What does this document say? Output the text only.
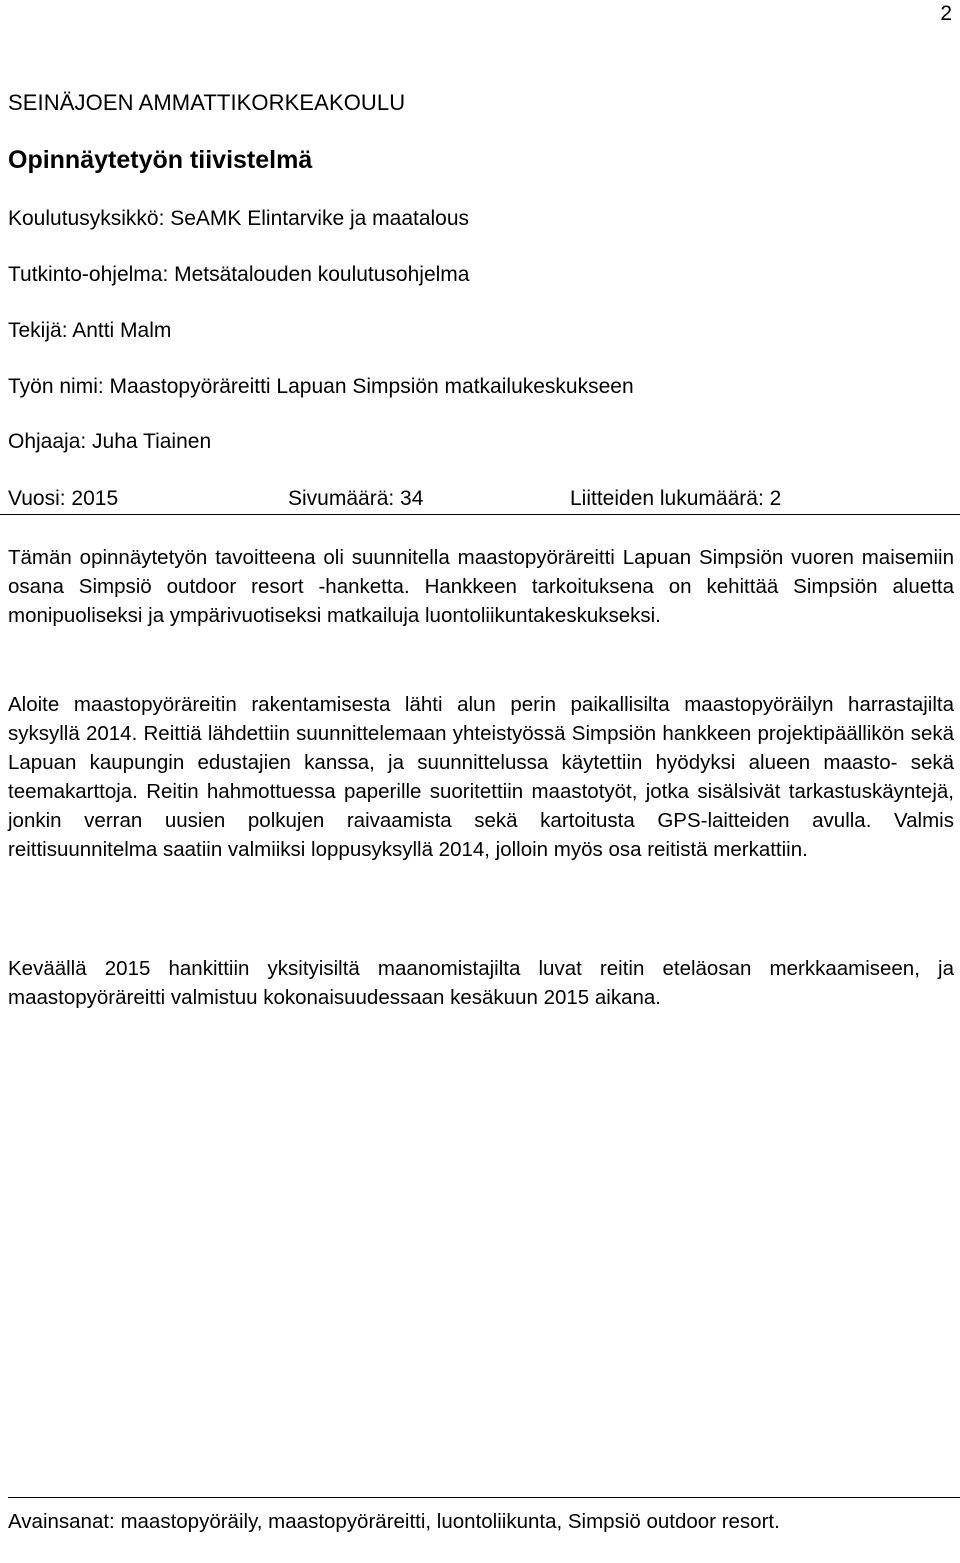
2
SEINÄJOEN AMMATTIKORKEAKOULU
Opinnäytetyön tiivistelmä
Koulutusyksikkö: SeAMK Elintarvike ja maatalous
Tutkinto-ohjelma: Metsätalouden koulutusohjelma
Tekijä: Antti Malm
Työn nimi: Maastopyöräreitti Lapuan Simpsiön matkailukeskukseen
Ohjaaja: Juha Tiainen
Vuosi: 2015	Sivumäärä: 34	Liitteiden lukumäärä: 2

Tämän opinnäytetyön tavoitteena oli suunnitella maastopyöräreitti Lapuan Simpsiön vuoren maisemiin osana Simpsiö outdoor resort -hanketta. Hankkeen tarkoituksena on kehittää Simpsiön aluetta monipuoliseksi ja ympärivuotiseksi matkailuja luontoliikuntakeskukseksi.

Aloite maastopyöräreitin rakentamisesta lähti alun perin paikallisilta maastopyöräilyn harrastajilta syksyllä 2014. Reittiä lähdettiin suunnittelemaan yhteistyössä Simpsiön hankkeen projektipäällikön sekä Lapuan kaupungin edustajien kanssa, ja suunnittelussa käytettiin hyödyksi alueen maasto- sekä teemakarttoja. Reitin hahmottuessa paperille suoritettiin maastotyöt, jotka sisälsivät tarkastuskäyntejä, jonkin verran uusien polkujen raivaamista sekä kartoitusta GPS-laitteiden avulla. Valmis reittisuunnitelma saatiin valmiiksi loppusyksyllä 2014, jolloin myös osa reitistä merkattiin.

Keväällä 2015 hankittiin yksityisiltä maanomistajilta luvat reitin eteläosan merkkaamiseen, ja maastopyöräreitti valmistuu kokonaisuudessaan kesäkuun 2015 aikana.

Avainsanat: maastopyöräily, maastopyöräreitti, luontoliikunta, Simpsiö outdoor resort.
